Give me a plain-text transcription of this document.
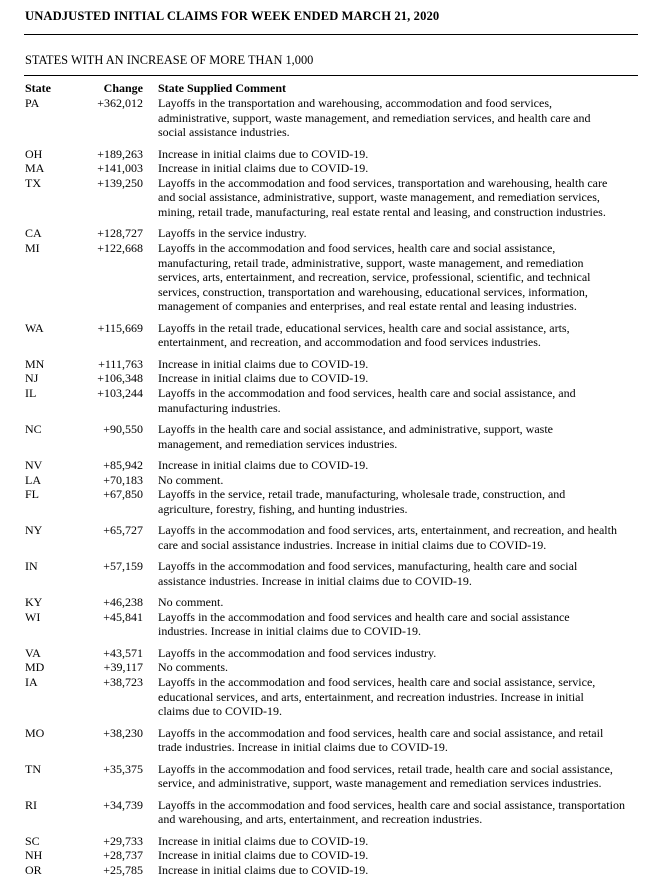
UNADJUSTED INITIAL CLAIMS FOR WEEK ENDED MARCH 21, 2020
STATES WITH AN INCREASE OF MORE THAN 1,000
State	Change State Supplied Comment
PA	+362,012 Layoffs in the transportation and warehousing, accommodation and food services,
administrative, support, waste management, and remediation services, and health care and
social assistance industries.
OH	+189,263 Increase in initial claims due to COVID-19.
MA	+141,003 Increase in initial claims due to COVID-19.
TX	+139,250 Layoffs in the accommodation and food services, transportation and warehousing, health care
and social assistance, administrative, support, waste management, and remediation services,
mining, retail trade, manufacturing, real estate rental and leasing, and construction industries.
CA	+128,727 Layoffs in the service industry.
MI	+122,668 Layoffs in the accommodation and food services, health care and social assistance,
manufacturing, retail trade, administrative, support, waste management, and remediation
services, arts, entertainment, and recreation, service, professional, scientific, and technical
services, construction, transportation and warehousing, educational services, information,
management of companies and enterprises, and real estate rental and leasing industries.
WA	+115,669 Layoffs in the retail trade, educational services, health care and social assistance, arts,
entertainment, and recreation, and accommodation and food services industries.
MN	+111,763 Increase in initial claims due to COVID-19.
NJ	+106,348 Increase in initial claims due to COVID-19.
IL	+103,244 Layoffs in the accommodation and food services, health care and social assistance, and
manufacturing industries.
NC	+90,550 Layoffs in the health care and social assistance, and administrative, support, waste
management, and remediation services industries.
NV	+85,942 Increase in initial claims due to COVID-19.
LA	+70,183 No comment.
FL	+67,850 Layoffs in the service, retail trade, manufacturing, wholesale trade, construction, and
agriculture, forestry, fishing, and hunting industries.
NY	+65,727 Layoffs in the accommodation and food services, arts, entertainment, and recreation, and health
care and social assistance industries. Increase in initial claims due to COVID-19.
IN	+57,159 Layoffs in the accommodation and food services, manufacturing, health care and social
assistance industries. Increase in initial claims due to COVID-19.
KY	+46,238 No comment.
WI	+45,841 Layoffs in the accommodation and food services and health care and social assistance
industries. Increase in initial claims due to COVID-19.
VA	+43,571 Layoffs in the accommodation and food services industry.
MD	+39,117 No comments.
IA	+38,723 Layoffs in the accommodation and food services, health care and social assistance, service,
educational services, and arts, entertainment, and recreation industries. Increase in initial
claims due to COVID-19.
MO	+38,230 Layoffs in the accommodation and food services, health care and social assistance, and retail
trade industries. Increase in initial claims due to COVID-19.
TN	+35,375 Layoffs in the accommodation and food services, retail trade, health care and social assistance,
service, and administrative, support, waste management and remediation services industries.
RI	+34,739 Layoffs in the accommodation and food services, health care and social assistance, transportation
and warehousing, and arts, entertainment, and recreation industries.
SC	+29,733 Increase in initial claims due to COVID-19.
NH	+28,737 Increase in initial claims due to COVID-19.
OR	+25,785 Increase in initial claims due to COVID-19.
